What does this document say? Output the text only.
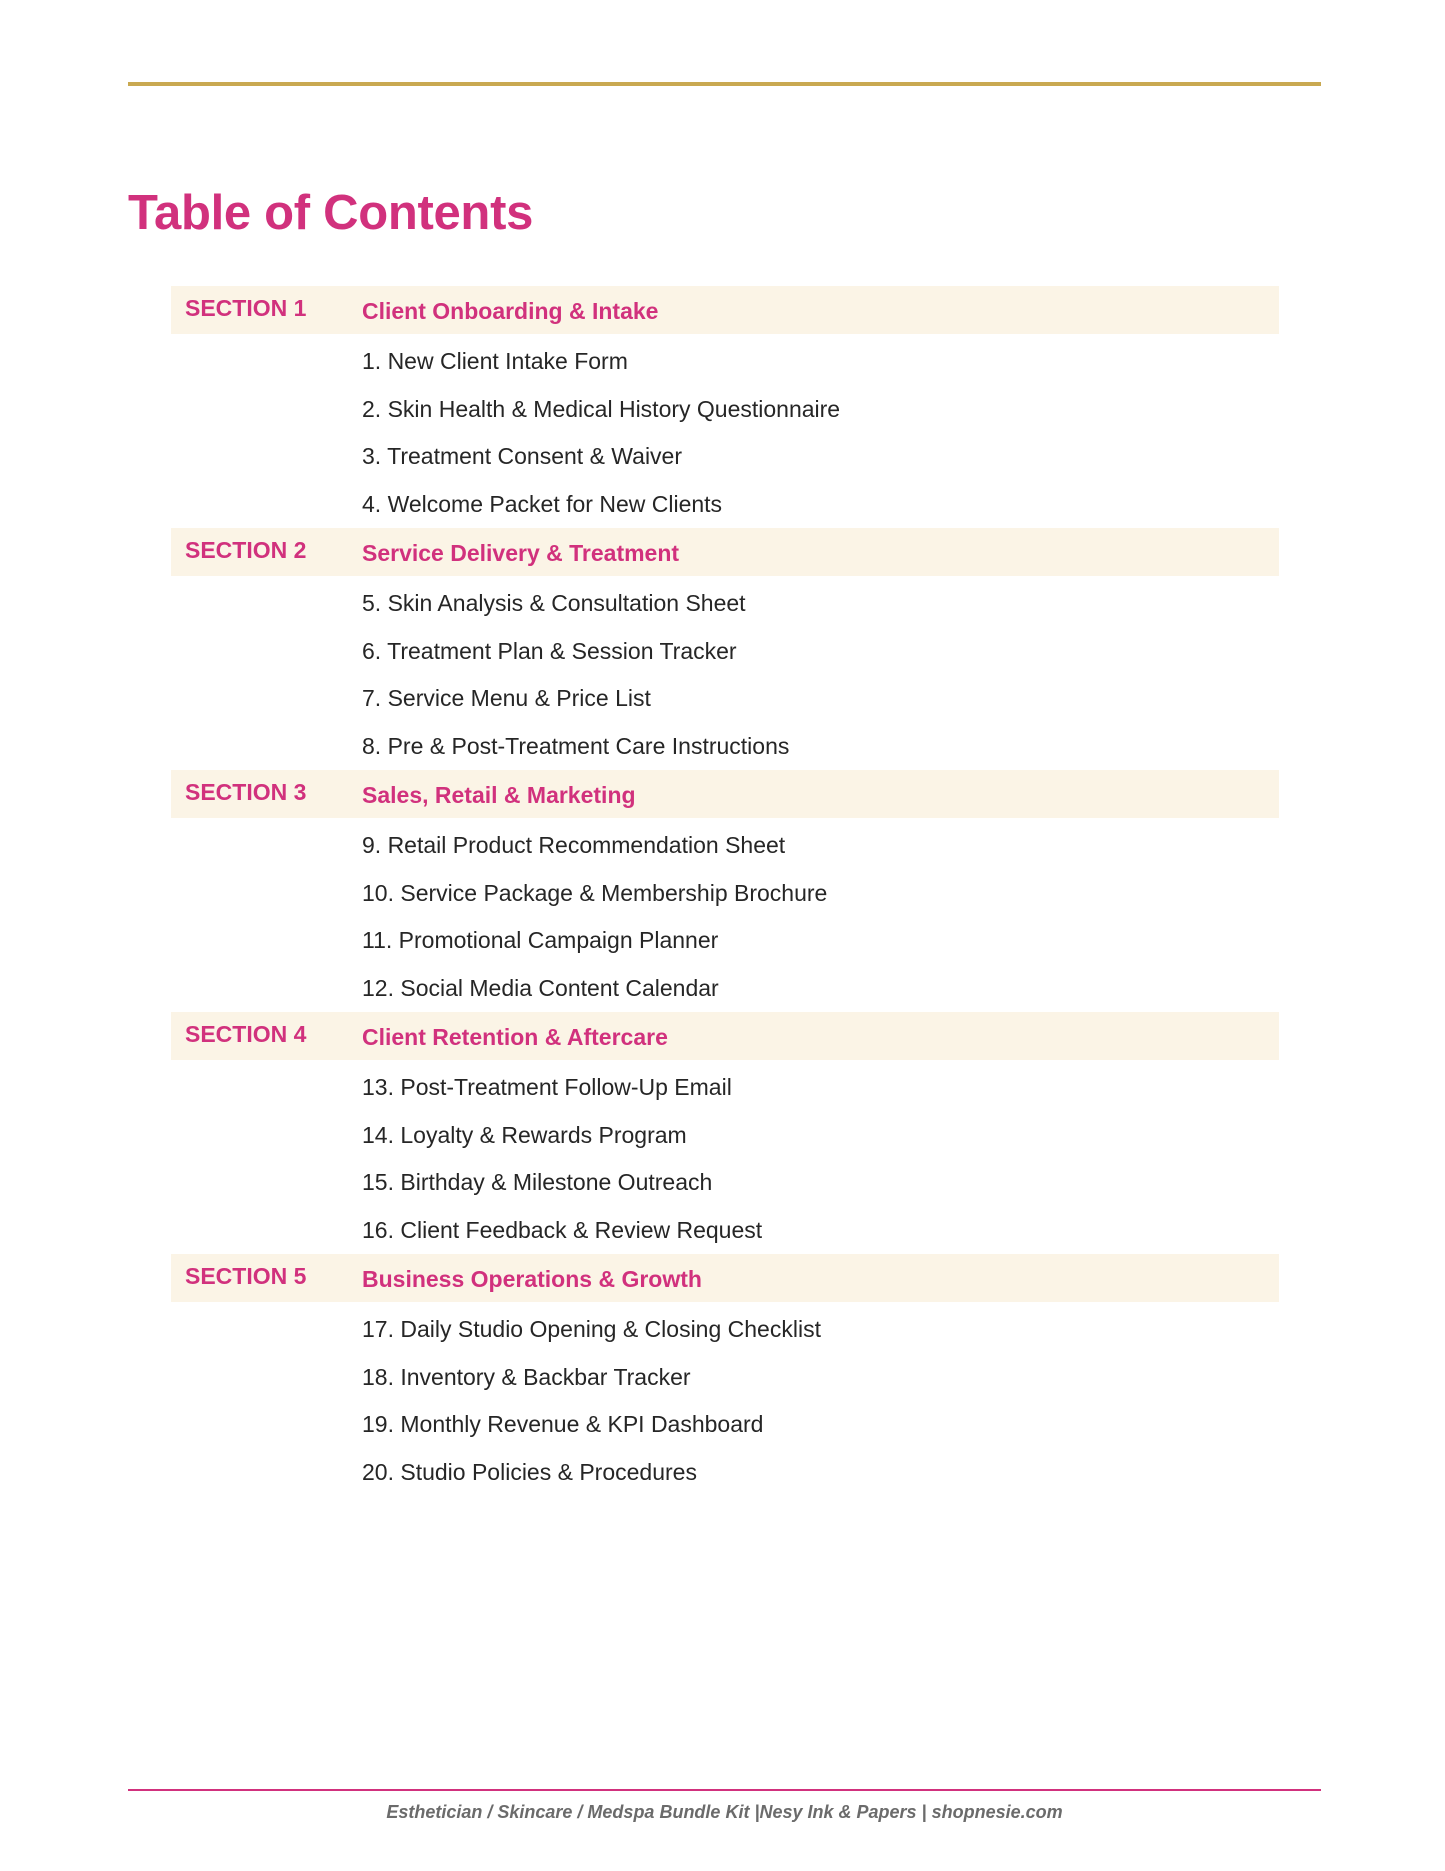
Table of Contents
SECTION 1 Client Onboarding & Intake
1. New Client Intake Form
2. Skin Health & Medical History Questionnaire
3. Treatment Consent & Waiver
4. Welcome Packet for New Clients
SECTION 2 Service Delivery & Treatment
5. Skin Analysis & Consultation Sheet
6. Treatment Plan & Session Tracker
7. Service Menu & Price List
8. Pre & Post-Treatment Care Instructions
SECTION 3 Sales, Retail & Marketing
9. Retail Product Recommendation Sheet
10. Service Package & Membership Brochure
11. Promotional Campaign Planner
12. Social Media Content Calendar
SECTION 4 Client Retention & Aftercare
13. Post-Treatment Follow-Up Email
14. Loyalty & Rewards Program
15. Birthday & Milestone Outreach
16. Client Feedback & Review Request
SECTION 5 Business Operations & Growth
17. Daily Studio Opening & Closing Checklist
18. Inventory & Backbar Tracker
19. Monthly Revenue & KPI Dashboard
20. Studio Policies & Procedures
Esthetician / Skincare / Medspa Bundle Kit |Nesy Ink & Papers | shopnesie.com
